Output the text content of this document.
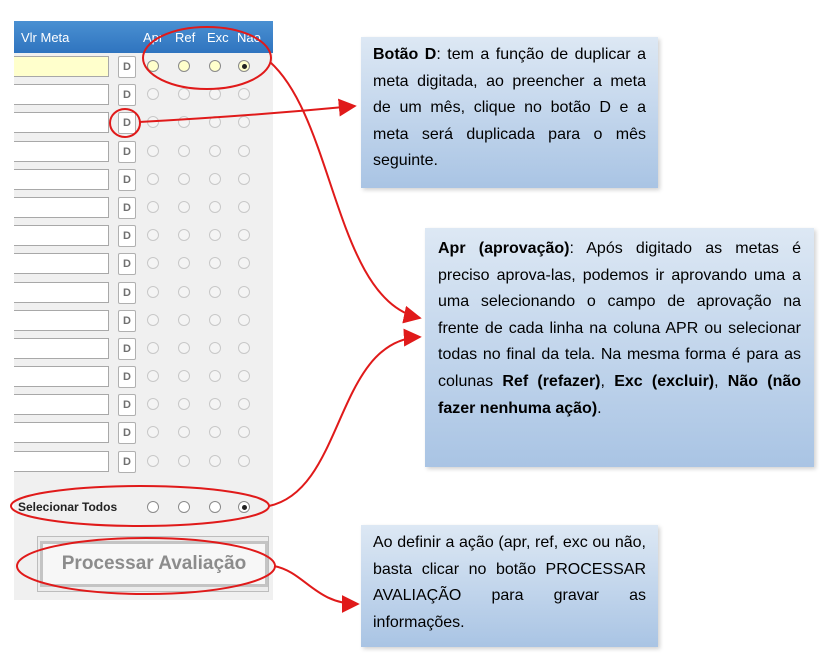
Vlr Meta	Apr Ref Exc Nao
D
D
D
D
D
D
D
D
D
D
D
D
D
D
D
Selecionar Todos
Processar Avaliação
Botão D: tem a função de duplicar a meta digitada, ao preencher a meta de um mês, clique no botão D e a meta será duplicada para o mês seguinte.
Apr (aprovação): Após digitado as metas é preciso aprova-las, podemos ir aprovando uma a uma selecionando o campo de aprovação na frente de cada linha na coluna APR ou selecionar todas no final da tela. Na mesma forma é para as colunas Ref (refazer), Exc (excluir), Não (não fazer nenhuma ação).
Ao definir a ação (apr, ref, exc ou não, basta clicar no botão PROCESSAR AVALIAÇÃO para gravar as informações.
